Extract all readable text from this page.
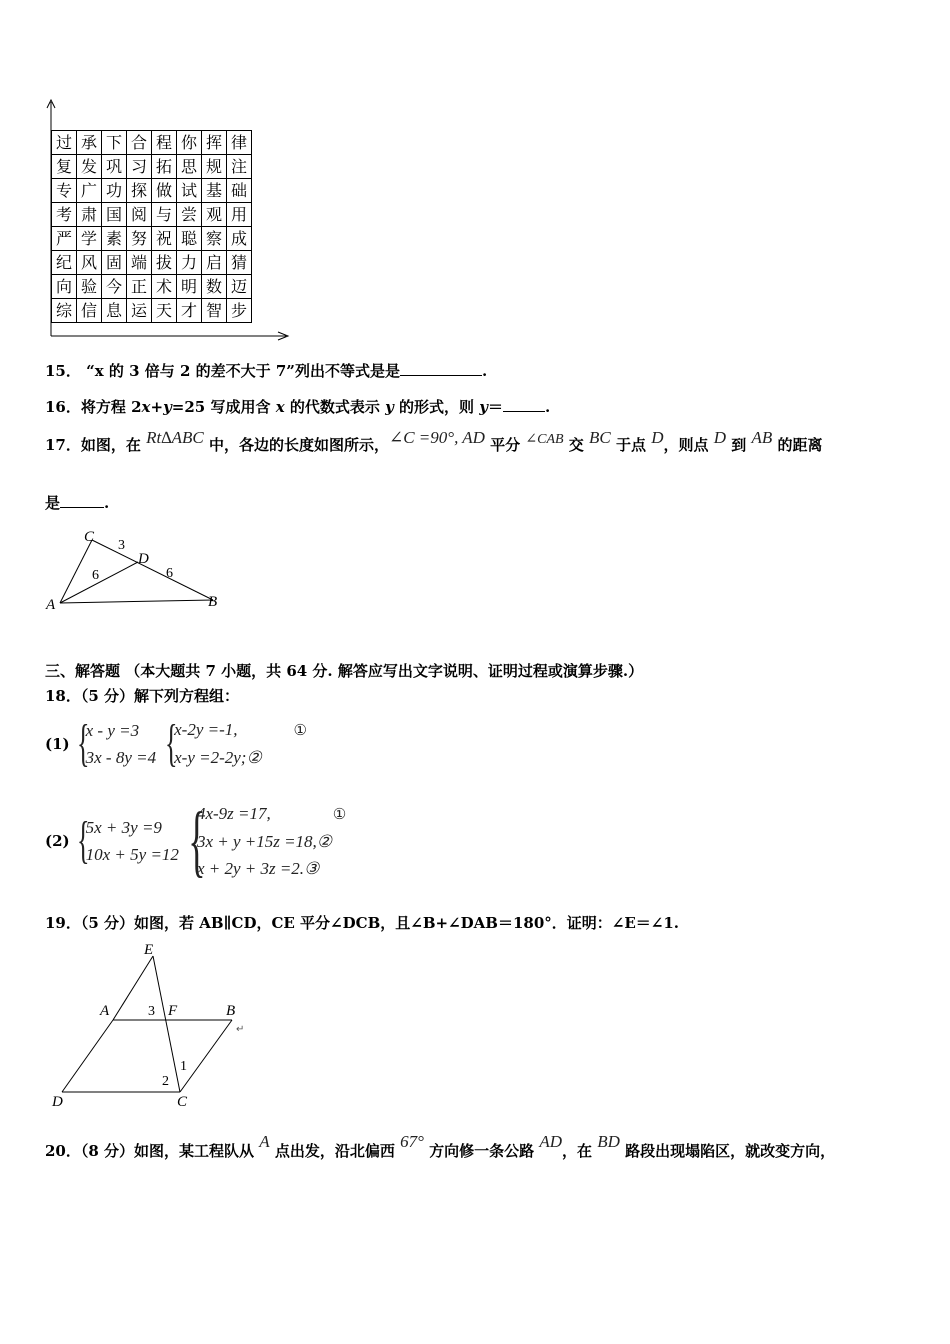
过	承	下	合	程	你	挥	律
复	发	巩	习	拓	思	规	注
专	广	功	探	做	试	基	础
考	肃	国	阅	与	尝	观	用
严	学	素	努	祝	聪	察	成
纪	风	固	端	拔	力	启	猜
向	验	今	正	术	明	数	迈
综	信	息	运	天	才	智	步
15． “x 的 3 倍与 2 的差不大于 7”列出不等式是是	.
16．将方程 2x+y=25 写成用含 x 的代数式表示 y 的形式，则 y＝	.
17．如图，在 Rt∆ABC 中，各边的长度如图所示，∠C =90°, AD 平分 ∠CAB 交 BC 于点 D，则点 D 到 AB 的距离
是	.
C
D
A	B
3
6	6
三、解答题 （本大题共 7 小题，共 64 分. 解答应写出文字说明、证明过程或演算步骤.）
18．（5 分）解下列方程组：
(1) {
x - y =3
3x - 8y =4 {
x-2y =-1,	①
x-y =2-2y;②
(2) {
5x + 3y =9
10x + 5y =12 {
4x-9z =17,	①
3x + y +15z =18,②
x + 2y + 3z =2.③
19．（5 分）如图，若 AB∥CD，CE 平分∠DCB，且∠B+∠DAB＝180°．证明：∠E＝∠1.
E
A	F	B
↵
D	C
3
1
2
20．（8 分）如图，某工程队从 A 点出发，沿北偏西 67° 方向修一条公路 AD，在 BD 路段出现塌陷区，就改变方向，
